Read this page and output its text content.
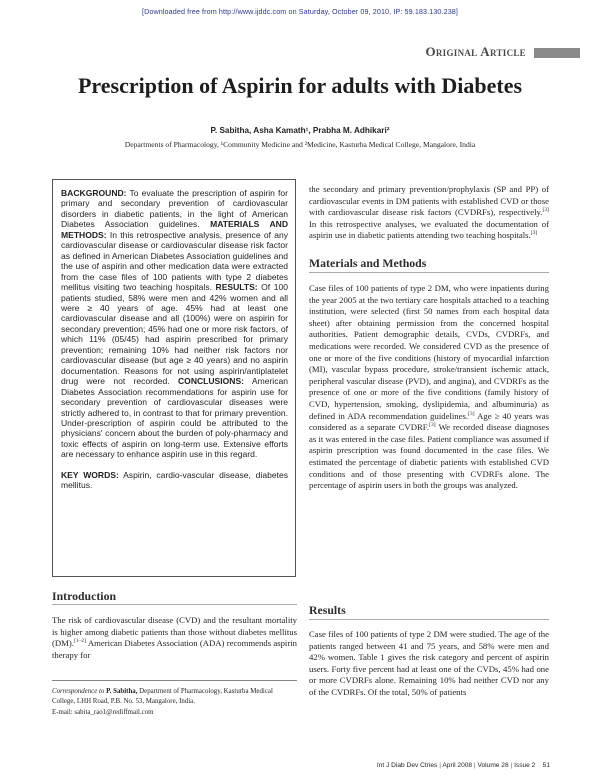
[Downloaded free from http://www.ijddc.com on Saturday, October 09, 2010, IP: 59.183.130.238]
Original Article
Prescription of Aspirin for adults with Diabetes
P. Sabitha, Asha Kamath¹, Prabha M. Adhikari²
Departments of Pharmacology, ¹Community Medicine and ²Medicine, Kasturba Medical College, Mangalore, India

BACKGROUND: To evaluate the prescription of aspirin for primary and secondary prevention of cardiovascular disorders in diabetic patients, in the light of American Diabetes Association guidelines. MATERIALS AND METHODS: In this retrospective analysis, presence of any cardiovascular disease or cardiovascular disease risk factor as defined in American Diabetes Association guidelines and the use of aspirin and other medication data were extracted from the case files of 100 patients with type 2 diabetes mellitus visiting two teaching hospitals. RESULTS: Of 100 patients studied, 58% were men and 42% women and all were ≥ 40 years of age. 45% had at least one cardiovascular disease and all (100%) were on aspirin for secondary prevention; 45% had one or more risk factors, of which 11% (05/45) had aspirin prescribed for primary prevention; remaining 10% had neither risk factors nor cardiovascular disease (but age ≥ 40 years) and no aspirin documentation. Reasons for not using aspirin/antiplatelet drug were not recorded. CONCLUSIONS: American Diabetes Association recommendations for aspirin use for secondary prevention of cardiovascular diseases were strictly adhered to, in contrast to that for primary prevention. Under-prescription of aspirin could be attributed to the physicians' concern about the burden of poly-pharmacy and toxic effects of aspirin on long-term use. Extensive efforts are necessary to enhance aspirin use in this regard.

KEY WORDS: Aspirin, cardio-vascular disease, diabetes mellitus.

Introduction
The risk of cardiovascular disease (CVD) and the resultant mortality is higher among diabetic patients than those without diabetes mellitus (DM).[1–2] American Diabetes Association (ADA) recommends aspirin therapy for
the secondary and primary prevention/prophylaxis (SP and PP) of cardiovascular events in DM patients with established CVD or those with cardiovascular disease risk factors (CVDRFs), respectively.[3] In this retrospective analyses, we evaluated the documentation of aspirin use in diabetic patients attending two teaching hospitals.[3]
Materials and Methods
Case files of 100 patients of type 2 DM, who were inpatients during the year 2005 at the two tertiary care hospitals attached to a teaching institution, were selected (first 50 names from each hospital data sheet) after obtaining permission from the concerned hospital authorities. Patient demographic details, CVDs, CVDRFs, and medications were recorded. We considered CVD as the presence of one or more of the five conditions (history of myocardial infarction (MI), vascular bypass procedure, stroke/transient ischemic attack, peripheral vascular disease (PVD), and angina), and CVDRFs as the presence of one or more of the five conditions (family history of CVD, hypertension, smoking, dyslipidemia, and albuminuria) as defined in ADA recommendation guidelines.[3] Age ≥ 40 years was considered as a separate CVDRF.[3] We recorded disease diagnoses as it was entered in the case files. Patient compliance was assumed if aspirin prescription was found documented in the case files. We estimated the percentage of diabetic patients with established CVD conditions and of those presenting with CVDRFs alone. The percentage of aspirin users in both the groups was analyzed.
Results
Case files of 100 patients of type 2 DM were studied. The age of the patients ranged between 41 and 75 years, and 58% were men and 42% women. Table 1 gives the risk category and percent of aspirin users. Forty five percent had at least one of the CVDs, 45% had one or more CVDRFs alone. Remaining 10% had neither CVD nor any of the CVDRFs. Of the total, 50% of patients
Correspondence to P. Sabitha, Department of Pharmacology, Kasturba Medical College, LHH Road, P.B. No. 53, Mangalore, India.
E-mail: sabita_rao1@rediffmail.com
Int J Diab Dev Ctries | April 2008 | Volume 28 | Issue 2 51
